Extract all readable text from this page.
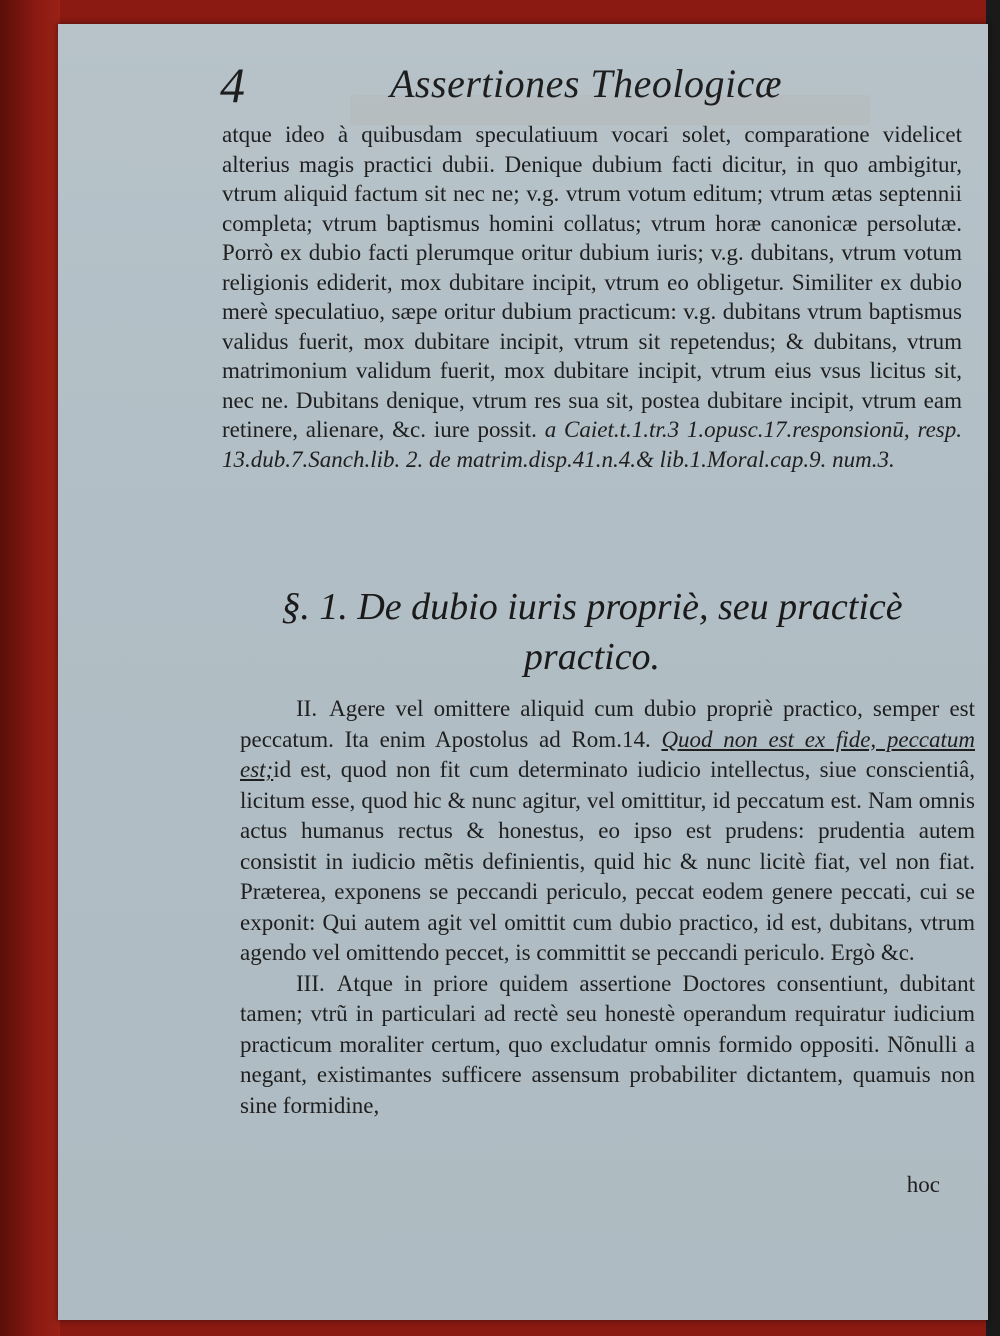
4	Assertiones Theologicæ

atque ideo à quibusdam speculatiuum vocari solet, comparatione videlicet alterius magis practici dubii. Denique dubium facti dicitur, in quo ambigitur, vtrum aliquid factum sit nec ne; v.g. vtrum votum editum; vtrum ætas septennii completa; vtrum baptismus homini collatus; vtrum horæ canonicæ persolutæ. Porrò ex dubio facti plerumque oritur dubium iuris; v.g. dubitans, vtrum votum religionis ediderit, mox dubitare incipit, vtrum eo obligetur. Similiter ex dubio merè speculatiuo, sæpe oritur dubium practicum: v.g. dubitans vtrum baptismus validus fuerit, mox dubitare incipit, vtrum sit repetendus; & dubitans, vtrum matrimonium validum fuerit, mox dubitare incipit, vtrum eius vsus licitus sit, nec ne. Dubitans denique, vtrum res sua sit, postea dubitare incipit, vtrum eam retinere, alienare, &c. iure possit. a Caiet.t.1.tr.3 1.opusc.17.responsionū, resp. 13.dub.7.Sanch.lib. 2. de matrim.disp.41.n.4.& lib.1.Moral.cap.9. num.3.

§. 1. De dubio iuris propriè, seu practicè practico.

II. Agere vel omittere aliquid cum dubio propriè practico, semper est peccatum. Ita enim Apostolus ad Rom.14. Quod non est ex fide, peccatum est;id est, quod non fit cum determinato iudicio intellectus, siue conscientiâ, licitum esse, quod hic & nunc agitur, vel omittitur, id peccatum est. Nam omnis actus humanus rectus & honestus, eo ipso est prudens: prudentia autem consistit in iudicio mẽtis definientis, quid hic & nunc licitè fiat, vel non fiat. Præterea, exponens se peccandi periculo, peccat eodem genere peccati, cui se exponit: Qui autem agit vel omittit cum dubio practico, id est, dubitans, vtrum agendo vel omittendo peccet, is committit se peccandi periculo. Ergò &c.

III. Atque in priore quidem assertione Doctores consentiunt, dubitant tamen; vtrũ in particulari ad rectè seu honestè operandum requiratur iudicium practicum moraliter certum, quo excludatur omnis formido oppositi. Nõnulli a negant, existimantes sufficere assensum probabiliter dictantem, quamuis non sine formidine,

hoc
